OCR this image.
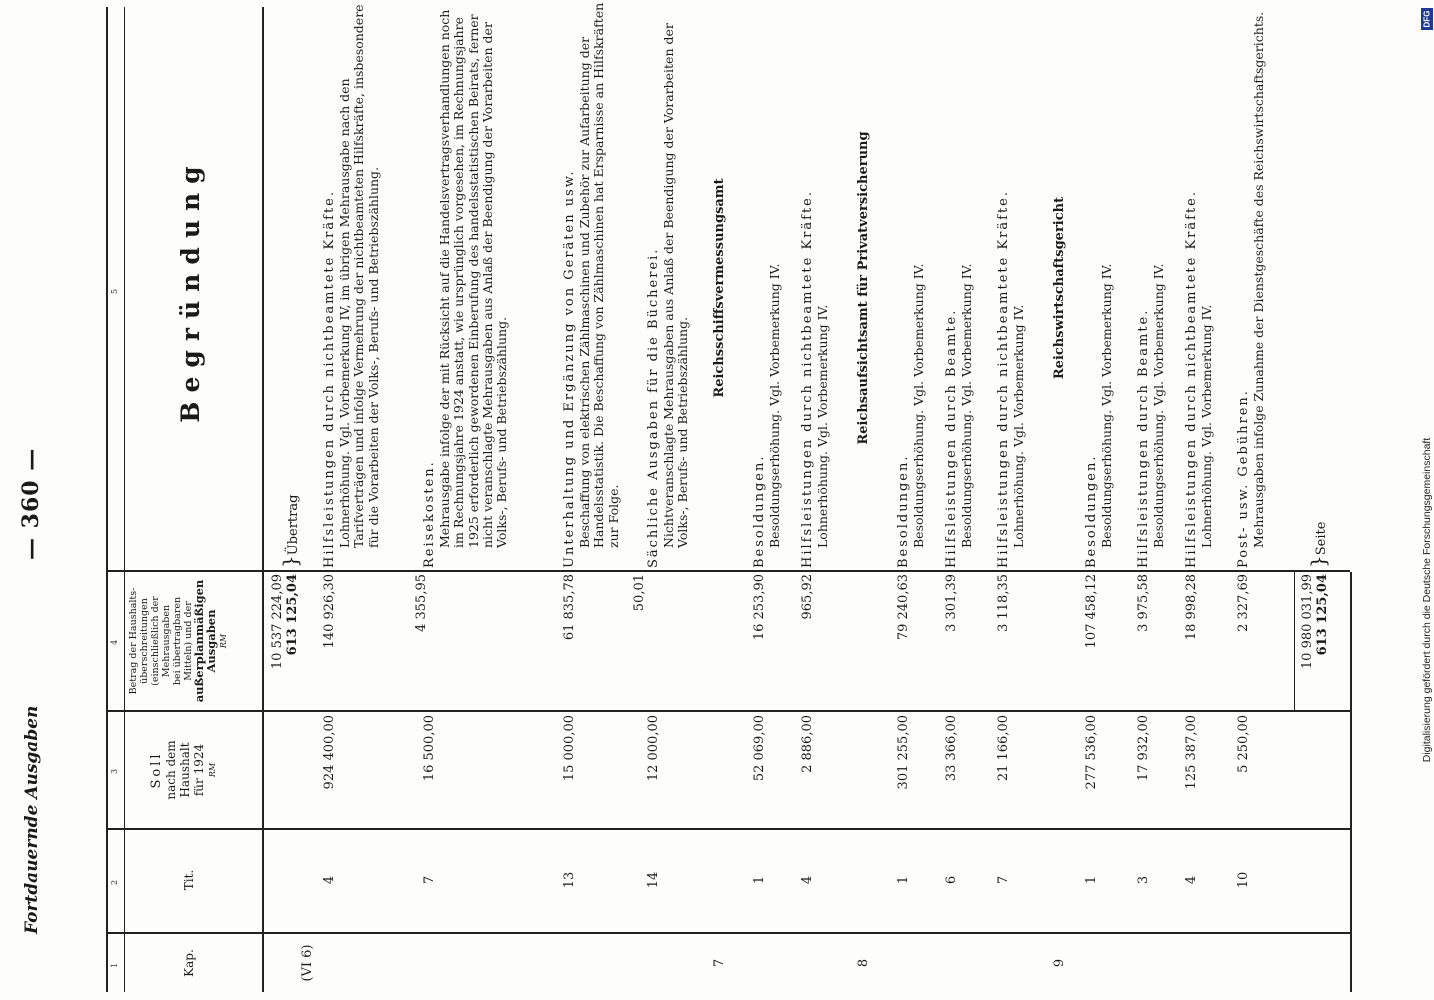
Fortdauernde Ausgaben
— 360 —
1
2
3
4
5
Kap.
Tit.
Soll nach dem Haushalt für 1924 RM
Betrag der Haushalts- überschreitungen (einschließlich der Mehrausgaben bei übertragbaren Mitteln) und der
außerplanmäßigen
Ausgaben RM
Begründung
(VI 6)
10 537 224,09 613 125,04
}Übertrag
4
924 400,00
140 926,30
Hilfsleistungen durch nichtbeamtete Kräfte. Lohnerhöhung. Vgl. Vorbemerkung IV, im übrigen Mehrausgabe nach den Tarifverträgen und infolge Vermehrung der nichtbeamteten Hilfskräfte, insbesondere für die Vorarbeiten der Volks-, Berufs- und Betriebszählung.
7
16 500,00
4 355,95
Reisekosten. Mehrausgabe infolge der mit Rücksicht auf die Handelsvertragsverhandlungen noch im Rechnungsjahre 1924 anstatt, wie ursprünglich vorgesehen, im Rechnungsjahre 1925 erforderlich gewordenen Einberufung des handelsstatistischen Beirats, ferner nicht veranschlagte Mehrausgaben aus Anlaß der Beendigung der Vorarbeiten der Volks-, Berufs- und Betriebszählung.
13
15 000,00
61 835,78
Unterhaltung und Ergänzung von Geräten usw. Beschaffung von elektrischen Zählmaschinen und Zubehör zur Aufarbeitung der Handelsstatistik. Die Beschaffung von Zählmaschinen hat Ersparnisse an Hilfskräften zur Folge.
14
12 000,00
50,01
Sächliche Ausgaben für die Bücherei. Nichtveranschlagte Mehrausgaben aus Anlaß der Beendigung der Vorarbeiten der Volks-, Berufs- und Betriebszählung.
Reichsschiffsvermessungsamt
7
1
52 069,00
16 253,90
Besoldungen. Besoldungserhöhung. Vgl. Vorbemerkung IV.
4
2 886,00
965,92
Hilfsleistungen durch nichtbeamtete Kräfte. Lohnerhöhung. Vgl. Vorbemerkung IV. Reichsaufsichtsamt für Privatversicherung
8
1
301 255,00
79 240,63
Besoldungen. Besoldungserhöhung. Vgl. Vorbemerkung IV.
6
33 366,00
3 301,39
Hilfsleistungen durch Beamte. Besoldungserhöhung. Vgl. Vorbemerkung IV.
7
21 166,00
3 118,35
Hilfsleistungen durch nichtbeamtete Kräfte. Lohnerhöhung. Vgl. Vorbemerkung IV.
Reichswirtschaftsgericht
9
1
277 536,00
107 458,12
Besoldungen. Besoldungserhöhung. Vgl. Vorbemerkung IV.
3
17 932,00
3 975,58
Hilfsleistungen durch Beamte. Besoldungserhöhung. Vgl. Vorbemerkung IV.
4
125 387,00
18 998,28
Hilfsleistungen durch nichtbeamtete Kräfte. Lohnerhöhung. Vgl. Vorbemerkung IV.
10
5 250,00
2 327,69
Post- usw. Gebühren. Mehrausgaben infolge Zunahme der Dienstgeschäfte des Reichswirtschaftsgerichts.
10 980 031,99 613 125,04
}Seite
DFG
Digitalisierung gefördert durch die Deutsche Forschungsgemeinschaft
